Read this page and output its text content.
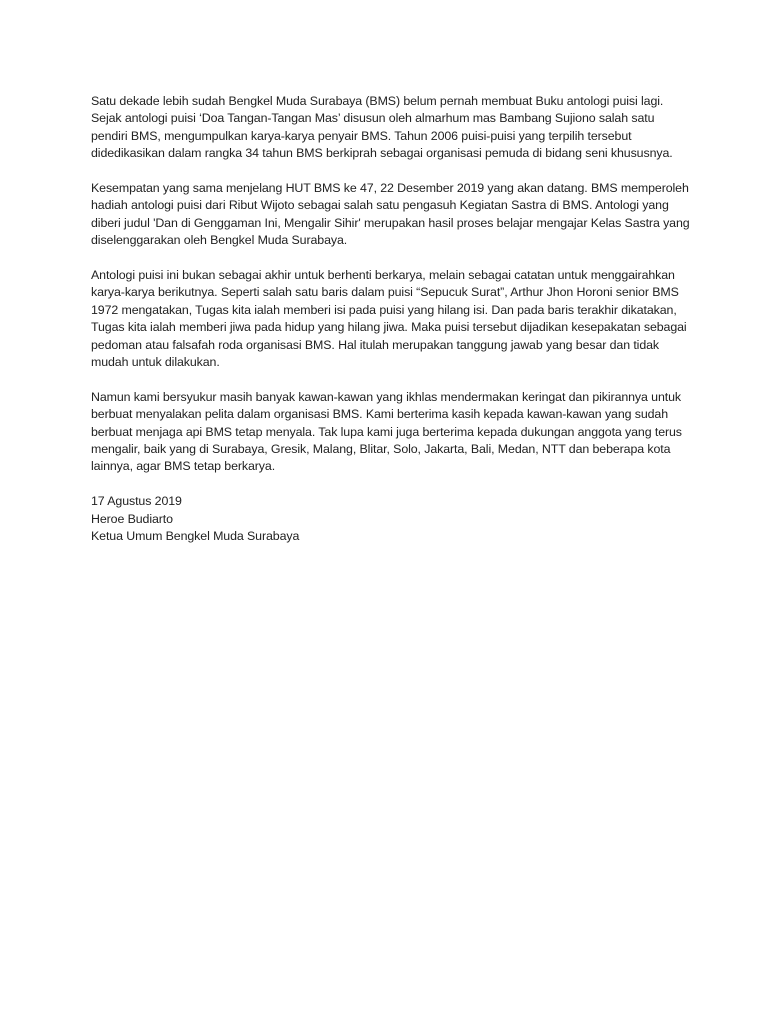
Satu dekade lebih sudah Bengkel Muda Surabaya (BMS) belum pernah membuat Buku antologi puisi lagi. Sejak antologi puisi ‘Doa Tangan-Tangan Mas’ disusun oleh almarhum mas Bambang Sujiono salah satu pendiri BMS, mengumpulkan karya-karya penyair BMS. Tahun 2006 puisi-puisi yang terpilih tersebut didedikasikan dalam rangka 34 tahun BMS berkiprah sebagai organisasi pemuda di bidang seni khususnya.

Kesempatan yang sama menjelang HUT BMS ke 47, 22 Desember 2019 yang akan datang. BMS memperoleh hadiah antologi puisi dari Ribut Wijoto sebagai salah satu pengasuh Kegiatan Sastra di BMS. Antologi yang diberi judul 'Dan di Genggaman Ini, Mengalir Sihir' merupakan hasil proses belajar mengajar Kelas Sastra yang diselenggarakan oleh Bengkel Muda Surabaya.

Antologi puisi ini bukan sebagai akhir untuk berhenti berkarya, melain sebagai catatan untuk menggairahkan karya-karya berikutnya. Seperti salah satu baris dalam puisi “Sepucuk Surat”, Arthur Jhon Horoni senior BMS 1972 mengatakan, Tugas kita ialah memberi isi pada puisi yang hilang isi. Dan pada baris terakhir dikatakan, Tugas kita ialah memberi jiwa pada hidup yang hilang jiwa. Maka puisi tersebut dijadikan kesepakatan sebagai pedoman atau falsafah roda organisasi BMS. Hal itulah merupakan tanggung jawab yang besar dan tidak mudah untuk dilakukan.

Namun kami bersyukur masih banyak kawan-kawan yang ikhlas mendermakan keringat dan pikirannya untuk berbuat menyalakan pelita dalam organisasi BMS. Kami berterima kasih kepada kawan-kawan yang sudah berbuat menjaga api BMS tetap menyala. Tak lupa kami juga berterima kepada dukungan anggota yang terus mengalir, baik yang di Surabaya, Gresik, Malang, Blitar, Solo, Jakarta, Bali, Medan, NTT dan beberapa kota lainnya, agar BMS tetap berkarya.

17 Agustus 2019
Heroe Budiarto
Ketua Umum Bengkel Muda Surabaya
